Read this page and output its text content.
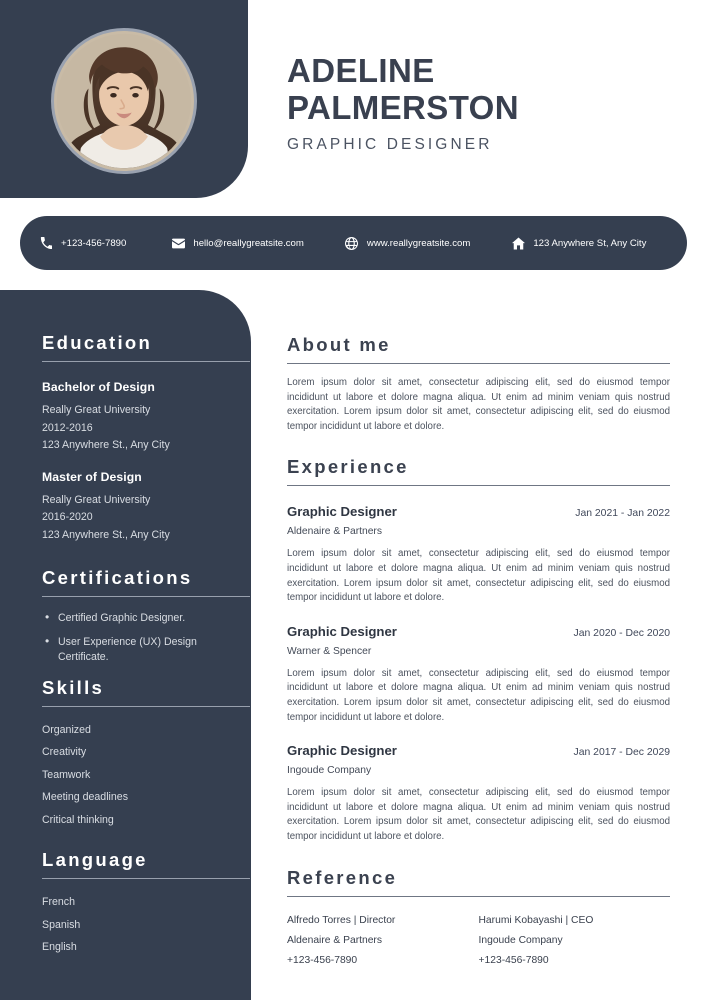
ADELINE
PALMERSTON
GRAPHIC DESIGNER
+123-456-7890	hello@reallygreatsite.com	www.reallygreatsite.com	123 Anywhere St, Any City
Education
Bachelor of Design
Really Great University
2012-2016
123 Anywhere St., Any City
Master of Design
Really Great University
2016-2020
123 Anywhere St., Any City
Certifications
• Certified Graphic Designer.
• User Experience (UX) Design Certificate.
Skills
Organized
Creativity
Teamwork
Meeting deadlines
Critical thinking
Language
French
Spanish
English
About me
Lorem ipsum dolor sit amet, consectetur adipiscing elit, sed do eiusmod tempor incididunt ut labore et dolore magna aliqua. Ut enim ad minim veniam quis nostrud exercitation. Lorem ipsum dolor sit amet, consectetur adipiscing elit, sed do eiusmod tempor incididunt ut labore et dolore.
Experience
Graphic Designer	Jan 2021 - Jan 2022
Aldenaire & Partners
Lorem ipsum dolor sit amet, consectetur adipiscing elit, sed do eiusmod tempor incididunt ut labore et dolore magna aliqua. Ut enim ad minim veniam quis nostrud exercitation. Lorem ipsum dolor sit amet, consectetur adipiscing elit, sed do eiusmod tempor incididunt ut labore et dolore.
Graphic Designer	Jan 2020 - Dec 2020
Warner & Spencer
Lorem ipsum dolor sit amet, consectetur adipiscing elit, sed do eiusmod tempor incididunt ut labore et dolore magna aliqua. Ut enim ad minim veniam quis nostrud exercitation. Lorem ipsum dolor sit amet, consectetur adipiscing elit, sed do eiusmod tempor incididunt ut labore et dolore.
Graphic Designer	Jan 2017 - Dec 2029
Ingoude Company
Lorem ipsum dolor sit amet, consectetur adipiscing elit, sed do eiusmod tempor incididunt ut labore et dolore magna aliqua. Ut enim ad minim veniam quis nostrud exercitation. Lorem ipsum dolor sit amet, consectetur adipiscing elit, sed do eiusmod tempor incididunt ut labore et dolore.
Reference
Alfredo Torres | Director
Aldenaire & Partners
+123-456-7890
Harumi Kobayashi | CEO
Ingoude Company
+123-456-7890
